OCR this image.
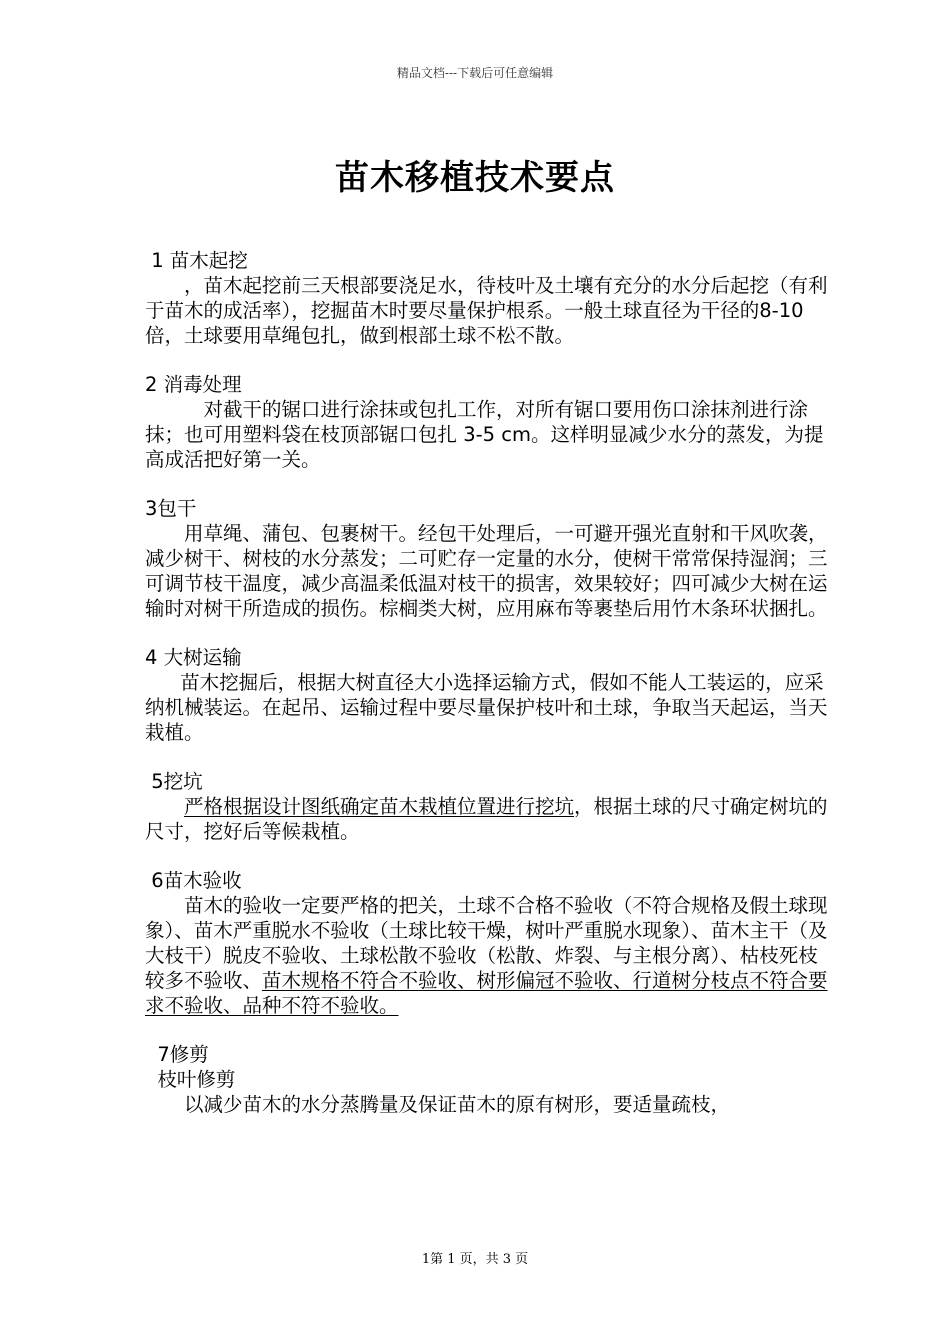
精品文档---下载后可任意编辑
苗木移植技术要点
1 苗木起挖
，苗木起挖前三天根部要浇足水，待枝叶及土壤有充分的水分后起挖（有利于苗木的成活率），挖掘苗木时要尽量保护根系。一般土球直径为干径的8-10倍，土球要用草绳包扎，做到根部土球不松不散。
2 消毒处理
对截干的锯口进行涂抹或包扎工作，对所有锯口要用伤口涂抹剂进行涂抹；也可用塑料袋在枝顶部锯口包扎 3-5 cm。这样明显减少水分的蒸发，为提高成活把好第一关。
3包干
用草绳、蒲包、包裹树干。经包干处理后，一可避开强光直射和干风吹袭，减少树干、树枝的水分蒸发；二可贮存一定量的水分，使树干常常保持湿润；三可调节枝干温度，减少高温柔低温对枝干的损害，效果较好；四可减少大树在运输时对树干所造成的损伤。棕榈类大树，应用麻布等裹垫后用竹木条环状捆扎。
4 大树运输
苗木挖掘后，根据大树直径大小选择运输方式，假如不能人工装运的，应采纳机械装运。在起吊、运输过程中要尽量保护枝叶和土球，争取当天起运，当天栽植。
5挖坑
严格根据设计图纸确定苗木栽植位置进行挖坑，根据土球的尺寸确定树坑的尺寸，挖好后等候栽植。
6苗木验收
苗木的验收一定要严格的把关，土球不合格不验收（不符合规格及假土球现象）、苗木严重脱水不验收（土球比较干燥，树叶严重脱水现象）、苗木主干（及大枝干）脱皮不验收、土球松散不验收（松散、炸裂、与主根分离）、枯枝死枝较多不验收、苗木规格不符合不验收、树形偏冠不验收、行道树分枝点不符合要求不验收、品种不符不验收。
7修剪
枝叶修剪
以减少苗木的水分蒸腾量及保证苗木的原有树形，要适量疏枝，
1第 1 页，共 3 页
